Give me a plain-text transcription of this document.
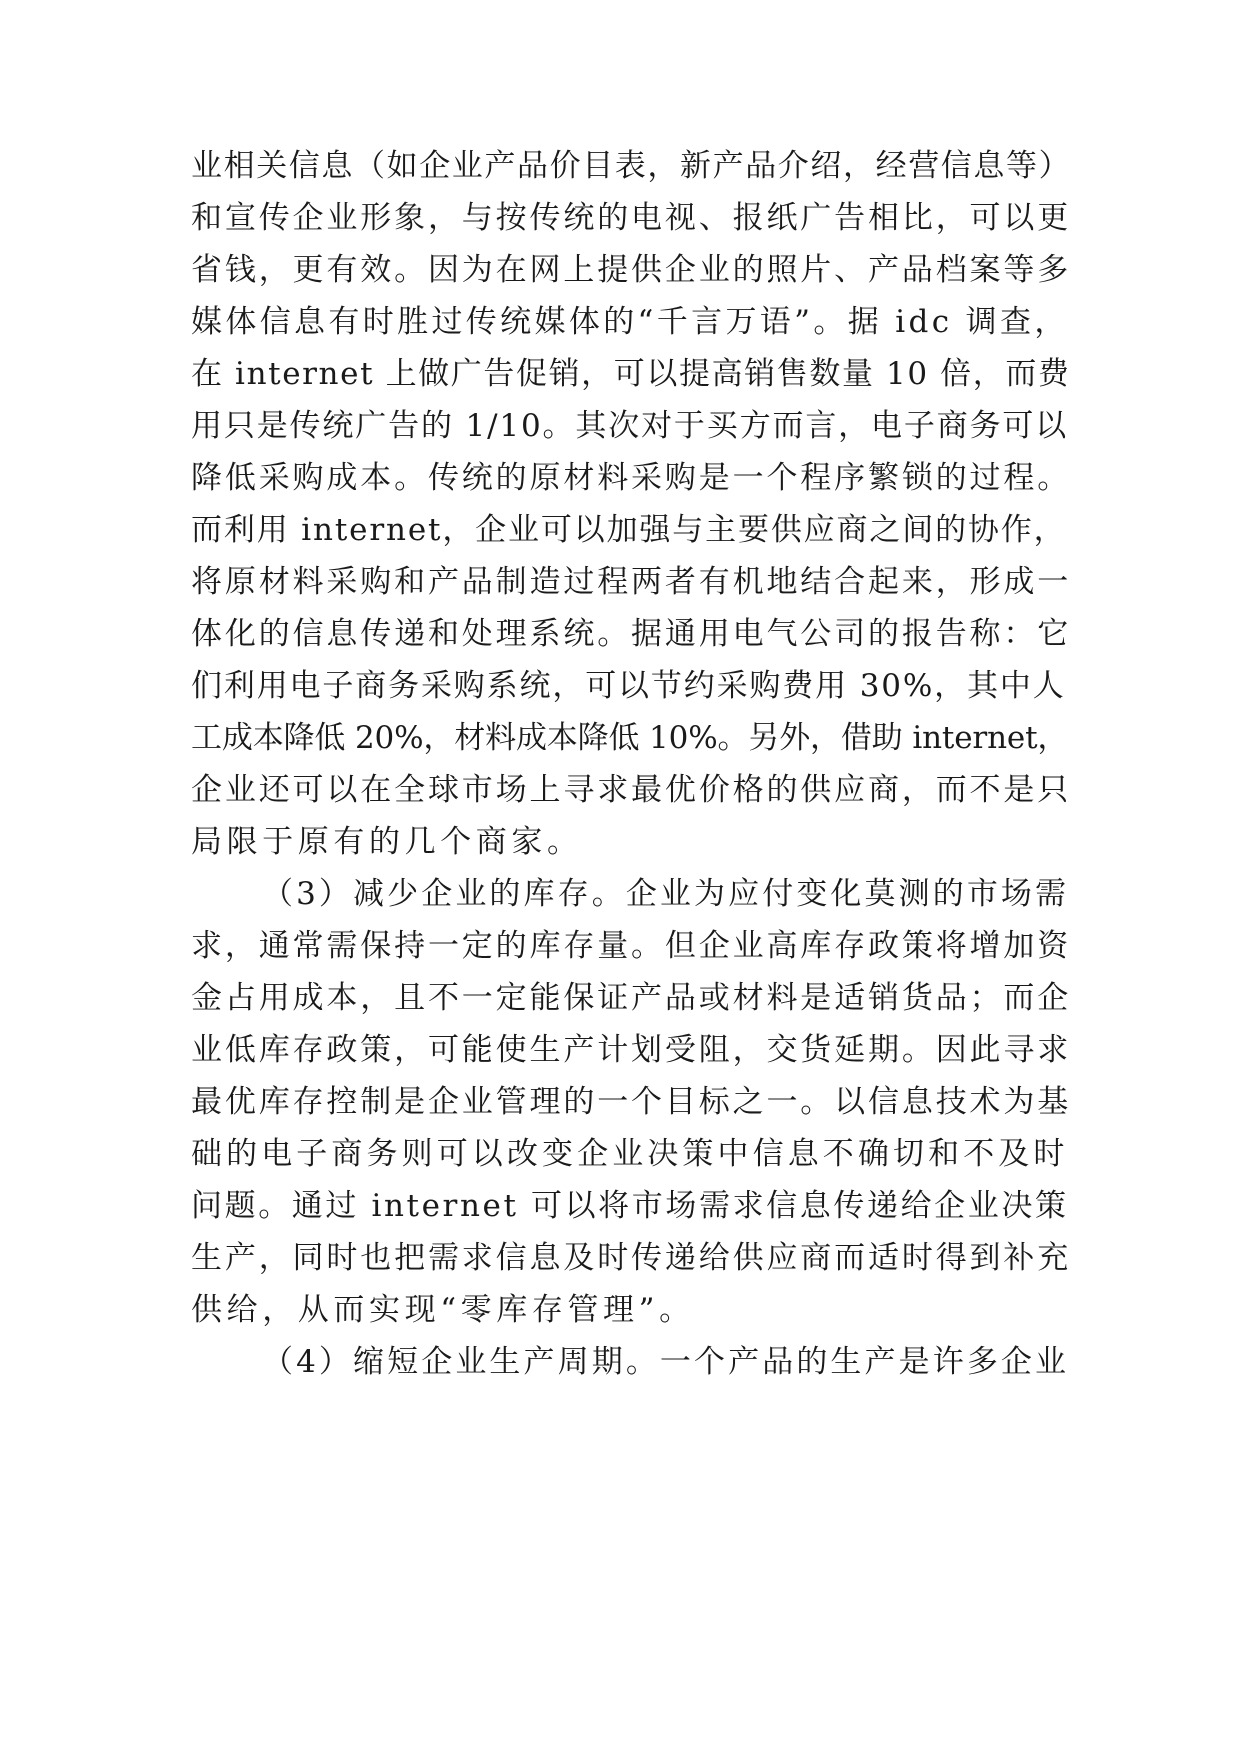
业相关信息（如企业产品价目表，新产品介绍，经营信息等）
和宣传企业形象，与按传统的电视、报纸广告相比，可以更
省钱，更有效。因为在网上提供企业的照片、产品档案等多
媒体信息有时胜过传统媒体的“千言万语”。据 idc 调查，
在 internet 上做广告促销，可以提高销售数量 10 倍，而费
用只是传统广告的 1/10。其次对于买方而言，电子商务可以
降低采购成本。传统的原材料采购是一个程序繁锁的过程。
而利用 internet，企业可以加强与主要供应商之间的协作，
将原材料采购和产品制造过程两者有机地结合起来，形成一
体化的信息传递和处理系统。据通用电气公司的报告称：它
们利用电子商务采购系统，可以节约采购费用 30%，其中人
工成本降低 20%，材料成本降低 10%。另外，借助 internet，
企业还可以在全球市场上寻求最优价格的供应商，而不是只
局限于原有的几个商家。
（3）减少企业的库存。企业为应付变化莫测的市场需
求，通常需保持一定的库存量。但企业高库存政策将增加资
金占用成本，且不一定能保证产品或材料是适销货品；而企
业低库存政策，可能使生产计划受阻，交货延期。因此寻求
最优库存控制是企业管理的一个目标之一。以信息技术为基
础的电子商务则可以改变企业决策中信息不确切和不及时
问题。通过 internet 可以将市场需求信息传递给企业决策
生产，同时也把需求信息及时传递给供应商而适时得到补充
供给，从而实现“零库存管理”。
（4）缩短企业生产周期。一个产品的生产是许多企业
